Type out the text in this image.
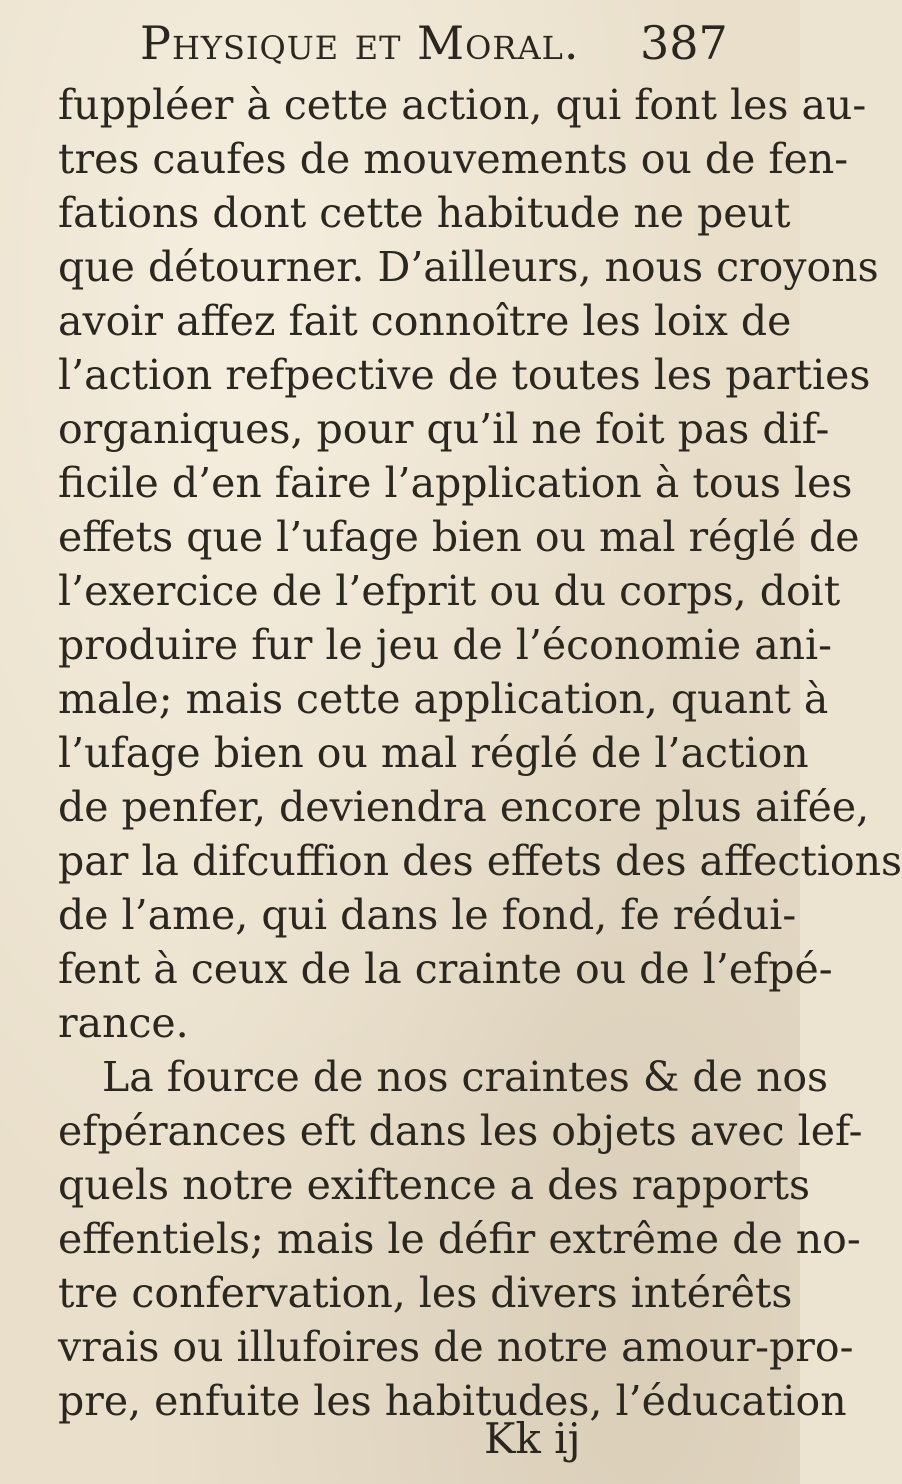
Physique et Moral. 387
fuppléer à cette action, qui font les au-
tres caufes de mouvements ou de fen-
fations dont cette habitude ne peut
que détourner. D’ailleurs, nous croyons
avoir affez fait connoître les loix de
l’action refpective de toutes les parties
organiques, pour qu’il ne foit pas dif-
ficile d’en faire l’application à tous les
effets que l’ufage bien ou mal réglé de
l’exercice de l’efprit ou du corps, doit
produire fur le jeu de l’économie ani-
male; mais cette application, quant à
l’ufage bien ou mal réglé de l’action
de penfer, deviendra encore plus aifée,
par la difcuffion des effets des affections
de l’ame, qui dans le fond, fe rédui-
fent à ceux de la crainte ou de l’efpé-
rance.
La fource de nos craintes & de nos
efpérances eft dans les objets avec lef-
quels notre exiftence a des rapports
effentiels; mais le défir extrême de no-
tre confervation, les divers intérêts
vrais ou illufoires de notre amour-pro-
pre, enfuite les habitudes, l’éducation
Kk ij
